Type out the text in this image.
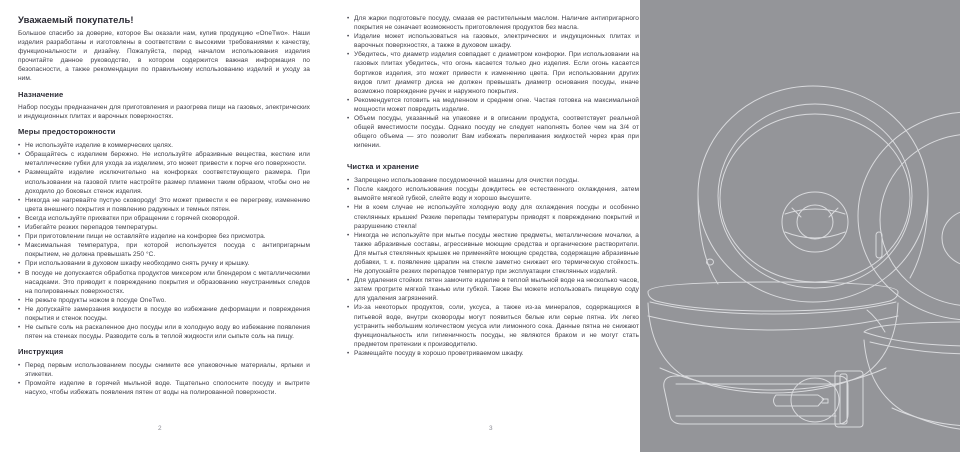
Уважаемый покупатель!

Большое спасибо за доверие, которое Вы оказали нам, купив продукцию «OneTwo». Наши изделия разработаны и изготовлены в соответствии с высокими требованиями к качеству, функциональности и дизайну. Пожалуйста, перед началом использования изделия прочитайте данное руководство, в котором содержится важная информация по безопасности, а также рекомендации по правильному использованию изделий и уходу за ним.

Назначение

Набор посуды предназначен для приготовления и разогрева пищи на газовых, электрических и индукционных плитах и варочных поверхностях.

Меры предосторожности
• Не используйте изделие в коммерческих целях.
• Обращайтесь с изделием бережно. Не используйте абразивные вещества, жесткие или металлические губки для ухода за изделием, это может привести к порче его поверхности.
• Размещайте изделие исключительно на конфорках соответствующего размера. При использовании на газовой плите настройте размер пламени таким образом, чтобы оно не доходило до боковых стенок изделия.
• Никогда не нагревайте пустую сковороду! Это может привести к ее перегреву, изменению цвета внешнего покрытия и появлению радужных и темных пятен.
• Всегда используйте прихватки при обращении с горячей сковородой.
• Избегайте резких перепадов температуры.
• При приготовлении пищи не оставляйте изделие на конфорке без присмотра.
• Максимальная температура, при которой используется посуда с антипригарным покрытием, не должна превышать 250 °C.
• При использовании в духовом шкафу необходимо снять ручку и крышку.
• В посуде не допускается обработка продуктов миксером или блендером с металлическими насадками. Это приводит к повреждению покрытия и образованию неустранимых следов на полированных поверхностях.
• Не режьте продукты ножом в посуде OneTwo.
• Не допускайте замерзания жидкости в посуде во избежание деформации и повреждения покрытия и стенок посуды.
• Не сыпьте соль на раскаленное дно посуды или в холодную воду во избежание появления пятен на стенках посуды. Разводите соль в теплой жидкости или сыпьте соль на пищу.
Инструкция
• Перед первым использованием посуды снимите все упаковочные материалы, ярлыки и этикетки.
• Промойте изделие в горячей мыльной воде. Тщательно сполосните посуду и вытрите насухо, чтобы избежать появления пятен от воды на полированной поверхности.
• Для жарки подготовьте посуду, смазав ее растительным маслом. Наличие антипригарного покрытия не означает возможность приготовления продуктов без масла.
• Изделие может использоваться на газовых, электрических и индукционных плитах и варочных поверхностях, а также в духовом шкафу.
• Убедитесь, что диаметр изделия совпадает с диаметром конфорки. При использовании на газовых плитах убедитесь, что огонь касается только дно изделия. Если огонь касается бортиков изделия, это может привести к изменению цвета. При использовании других видов плит диаметр диска не должен превышать диаметр основания посуды, иначе возможно повреждение ручек и наружного покрытия.
• Рекомендуется готовить на медленном и среднем огне. Частая готовка на максимальной мощности может повредить изделие.
• Объем посуды, указанный на упаковке и в описании продукта, соответствует реальной общей вместимости посуды. Однако посуду не следует наполнять более чем на 3/4 от общего объема — это позволит Вам избежать переливания жидкостей через края при кипении.
Чистка и хранение
• Запрещено использование посудомоечной машины для очистки посуды.
• После каждого использования посуды дождитесь ее естественного охлаждения, затем вымойте мягкой губкой, слейте воду и хорошо высушите.
• Ни в коем случае не используйте холодную воду для охлаждения посуды и особенно стеклянных крышек! Резкие перепады температуры приводят к повреждению покрытий и разрушению стекла!
• Никогда не используйте при мытье посуды жесткие предметы, металлические мочалки, а также абразивные составы, агрессивные моющие средства и органические растворители. Для мытья стеклянных крышек не применяйте моющие средства, содержащие абразивные добавки, т. к. появление царапин на стекле заметно снижает его термическую стойкость. Не допускайте резких перепадов температур при эксплуатации стеклянных изделий.
• Для удаления стойких пятен замочите изделие в теплой мыльной воде на несколько часов, затем протрите мягкой тканью или губкой. Также Вы можете использовать пищевую соду для удаления загрязнений.
• Из-за некоторых продуктов, соли, уксуса, а также из-за минералов, содержащихся в питьевой воде, внутри сковороды могут появиться белые или серые пятна. Их легко устранить небольшим количеством уксуса или лимонного сока. Данные пятна не снижают функциональность или гигиеничность посуды, не являются браком и не могут стать предметом претензии к производителю.
• Размещайте посуду в хорошо проветриваемом шкафу.
2	3
